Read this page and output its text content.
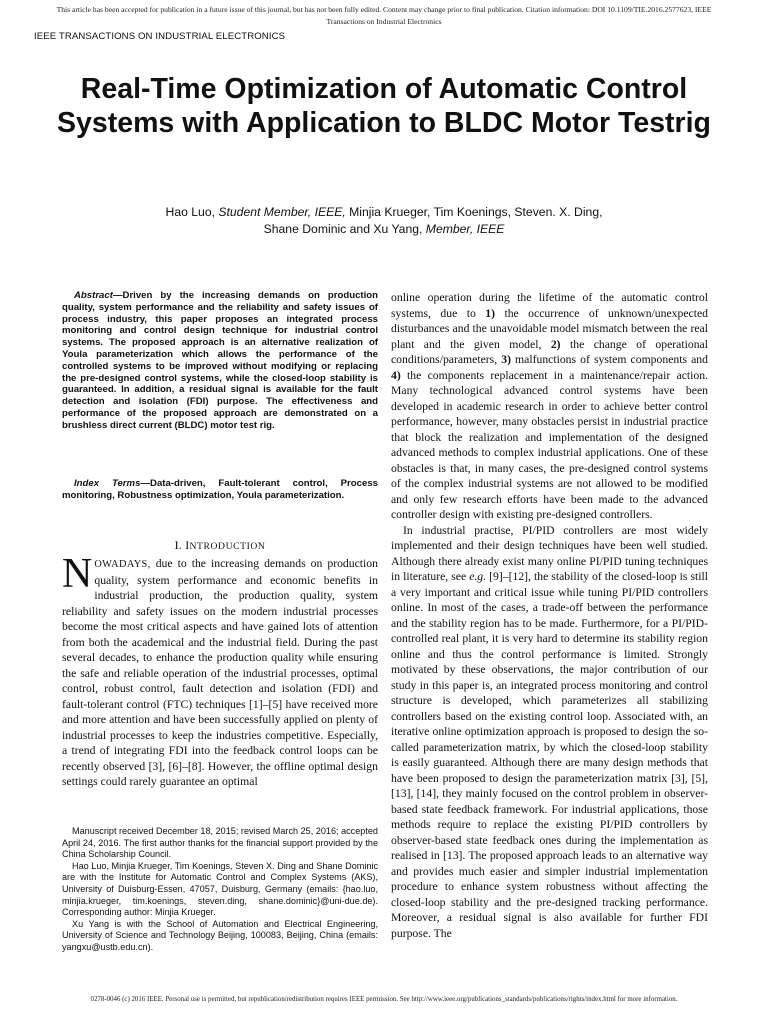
This article has been accepted for publication in a future issue of this journal, but has not been fully edited. Content may change prior to final publication. Citation information: DOI 10.1109/TIE.2016.2577623, IEEE
Transactions on Industrial Electronics
IEEE TRANSACTIONS ON INDUSTRIAL ELECTRONICS
Real-Time Optimization of Automatic Control Systems with Application to BLDC Motor Testrig
Hao Luo, Student Member, IEEE, Minjia Krueger, Tim Koenings, Steven. X. Ding,
Shane Dominic and Xu Yang, Member, IEEE

Abstract—Driven by the increasing demands on production quality, system performance and the reliability and safety issues of process industry, this paper proposes an integrated process monitoring and control design technique for industrial control systems. The proposed approach is an alternative realization of Youla parameterization which allows the performance of the controlled systems to be improved without modifying or replacing the pre-designed control systems, while the closed-loop stability is guaranteed. In addition, a residual signal is available for the fault detection and isolation (FDI) purpose. The effectiveness and performance of the proposed approach are demonstrated on a brushless direct current (BLDC) motor test rig.

Index Terms—Data-driven, Fault-tolerant control, Process monitoring, Robustness optimization, Youla parameterization.

I. INTRODUCTION

NOWADAYS, due to the increasing demands on production quality, system performance and economic benefits in industrial production, the production quality, system reliability and safety issues on the modern industrial processes become the most critical aspects and have gained lots of attention from both the academical and the industrial field. During the past several decades, to enhance the production quality while ensuring the safe and reliable operation of the industrial processes, optimal control, robust control, fault detection and isolation (FDI) and fault-tolerant control (FTC) techniques [1]–[5] have received more and more attention and have been successfully applied on plenty of industrial processes to keep the industries competitive. Especially, a trend of integrating FDI into the feedback control loops can be recently observed [3], [6]–[8]. However, the offline optimal design settings could rarely guarantee an optimal

Manuscript received December 18, 2015; revised March 25, 2016; accepted April 24, 2016. The first author thanks for the financial support provided by the China Scholarship Council.

Hao Luo, Minjia Krueger, Tim Koenings, Steven X. Ding and Shane Dominic are with the Institute for Automatic Control and Complex Systems (AKS), University of Duisburg-Essen, 47057, Duisburg, Germany (emails: {hao.luo, minjia.krueger, tim.koenings, steven.ding, shane.dominic}@uni-due.de). Corresponding author: Minjia Krueger.

Xu Yang is with the School of Automation and Electrical Engineering, University of Science and Technology Beijing, 100083, Beijing, China (emails: yangxu@ustb.edu.cn).

online operation during the lifetime of the automatic control systems, due to 1) the occurrence of unknown/unexpected disturbances and the unavoidable model mismatch between the real plant and the given model, 2) the change of operational conditions/parameters, 3) malfunctions of system components and 4) the components replacement in a maintenance/repair action. Many technological advanced control systems have been developed in academic research in order to achieve better control performance, however, many obstacles persist in industrial practice that block the realization and implementation of the designed advanced methods to complex industrial applications. One of these obstacles is that, in many cases, the pre-designed control systems of the complex industrial systems are not allowed to be modified and only few research efforts have been made to the advanced controller design with existing pre-designed controllers.

In industrial practise, PI/PID controllers are most widely implemented and their design techniques have been well studied. Although there already exist many online PI/PID tuning techniques in literature, see e.g. [9]–[12], the stability of the closed-loop is still a very important and critical issue while tuning PI/PID controllers online. In most of the cases, a trade-off between the performance and the stability region has to be made. Furthermore, for a PI/PID-controlled real plant, it is very hard to determine its stability region online and thus the control performance is limited. Strongly motivated by these observations, the major contribution of our study in this paper is, an integrated process monitoring and control structure is developed, which parameterizes all stabilizing controllers based on the existing control loop. Associated with, an iterative online optimization approach is proposed to design the so-called parameterization matrix, by which the closed-loop stability is easily guaranteed. Although there are many design methods that have been proposed to design the parameterization matrix [3], [5], [13], [14], they mainly focused on the control problem in observer-based state feedback framework. For industrial applications, those methods require to replace the existing PI/PID controllers by observer-based state feedback ones during the implementation as realised in [13]. The proposed approach leads to an alternative way and provides much easier and simpler industrial implementation procedure to enhance system robustness without affecting the closed-loop stability and the pre-designed tracking performance. Moreover, a residual signal is also available for further FDI purpose. The

0278-0046 (c) 2016 IEEE. Personal use is permitted, but republication/redistribution requires IEEE permission. See http://www.ieee.org/publications_standards/publications/rights/index.html for more information.
